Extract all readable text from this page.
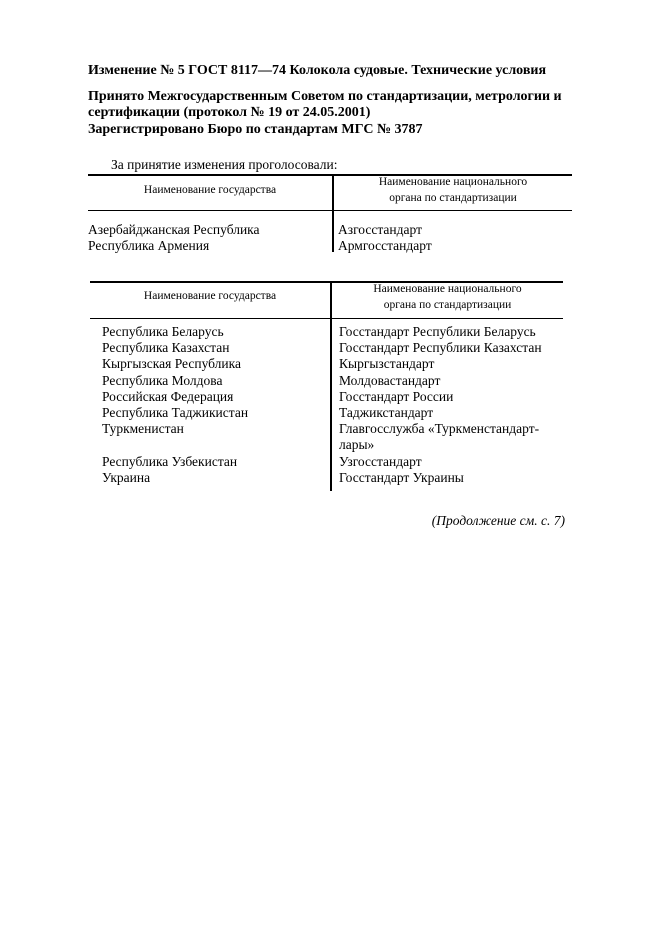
Изменение № 5 ГОСТ 8117—74 Колокола судовые. Технические условия
Принято Межгосударственным Советом по стандартизации, метрологии и
сертификации (протокол № 19 от 24.05.2001)
Зарегистрировано Бюро по стандартам МГС № 3787
За принятие изменения проголосовали:
Наименование государства
Наименование национального
органа по стандартизации
Азербайджанская Республика
Республика Армения
Азгосстандарт
Армгосстандарт
Наименование государства
Наименование национального
органа по стандартизации
Республика Беларусь
Республика Казахстан
Кыргызская Республика
Республика Молдова
Российская Федерация
Республика Таджикистан
Туркменистан
Республика Узбекистан
Украина
Госстандарт Республики Беларусь
Госстандарт Республики Казахстан
Кыргызстандарт
Молдовастандарт
Госстандарт России
Таджикстандарт
Главгосслужба «Туркменстандарт-
лары»
Узгосстандарт
Госстандарт Украины
(Продолжение см. с. 7)
